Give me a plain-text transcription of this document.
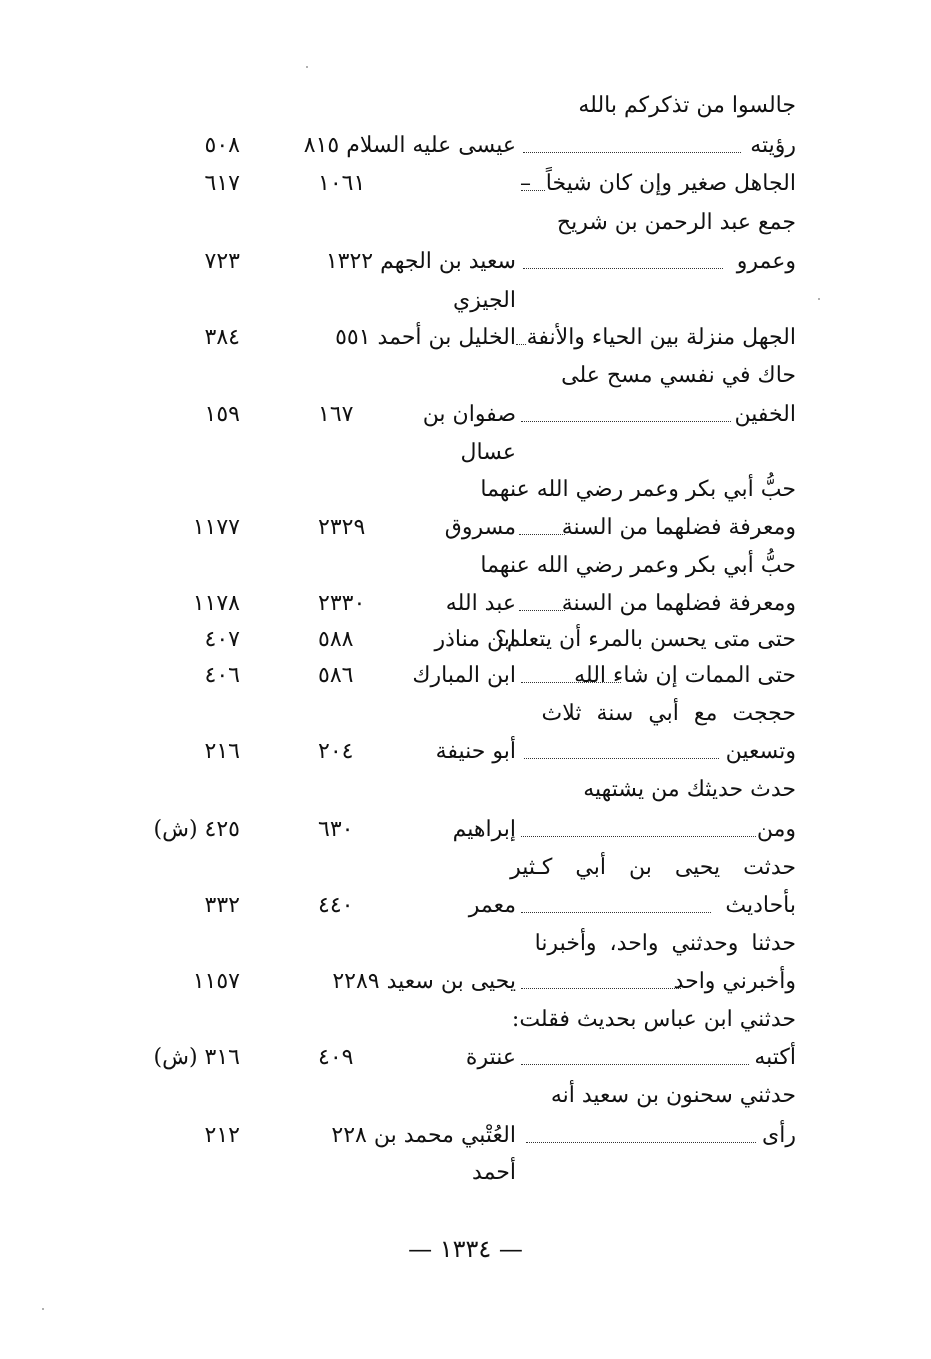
جالسوا من تذكركم بالله
رؤيته
عيسى عليه السلام ٨١٥
٥٠٨
الجاهل صغير وإن كان شيخاً
–
١٠٦١
٦١٧
جمع عبد الرحمن بن شريح
وعمرو
سعيد بن الجهم ١٣٢٢
٧٢٣
الجيزي
الجهل منزلة بين الحياء والأنفة
الخليل بن أحمد ٥٥١
٣٨٤
حاك في نفسي مسح على
الخفين
صفوان بن
١٦٧
١٥٩
عسال
حبُّ أبي بكر وعمر رضي الله عنهما
ومعرفة فضلهما من السنة
مسروق
٢٣٢٩
١١٧٧
حبُّ أبي بكر وعمر رضي الله عنهما
ومعرفة فضلهما من السنة
عبد الله
٢٣٣٠
١١٧٨
حتى متى يحسن بالمرء أن يتعلم؟
ابن مناذر
٥٨٨
٤٠٧
حتى الممات إن شاء الله
ابن المبارك
٥٨٦
٤٠٦
حججت مع أبي سنة ثلاث
وتسعين
أبو حنيفة
٢٠٤
٢١٦
حدث حديثك من يشتهيه
ومن
إبراهيم
٦٣٠
٤٢٥ (ش)
حدثت يحيى بن أبي كـثير
بأحاديث
معمر
٤٤٠
٣٣٢
حدثنا وحدثني واحد، وأخبرنا
وأخبرني واحد
يحيى بن سعيد ٢٢٨٩
١١٥٧
حدثني ابن عباس بحديث فقلت:
أكتبه
عنترة
٤٠٩
٣١٦ (ش)
حدثني سحنون بن سعيد أنه
رأى
العُتْبي محمد بن ٢٢٨
٢١٢
أحمد
— ١٣٣٤ —
